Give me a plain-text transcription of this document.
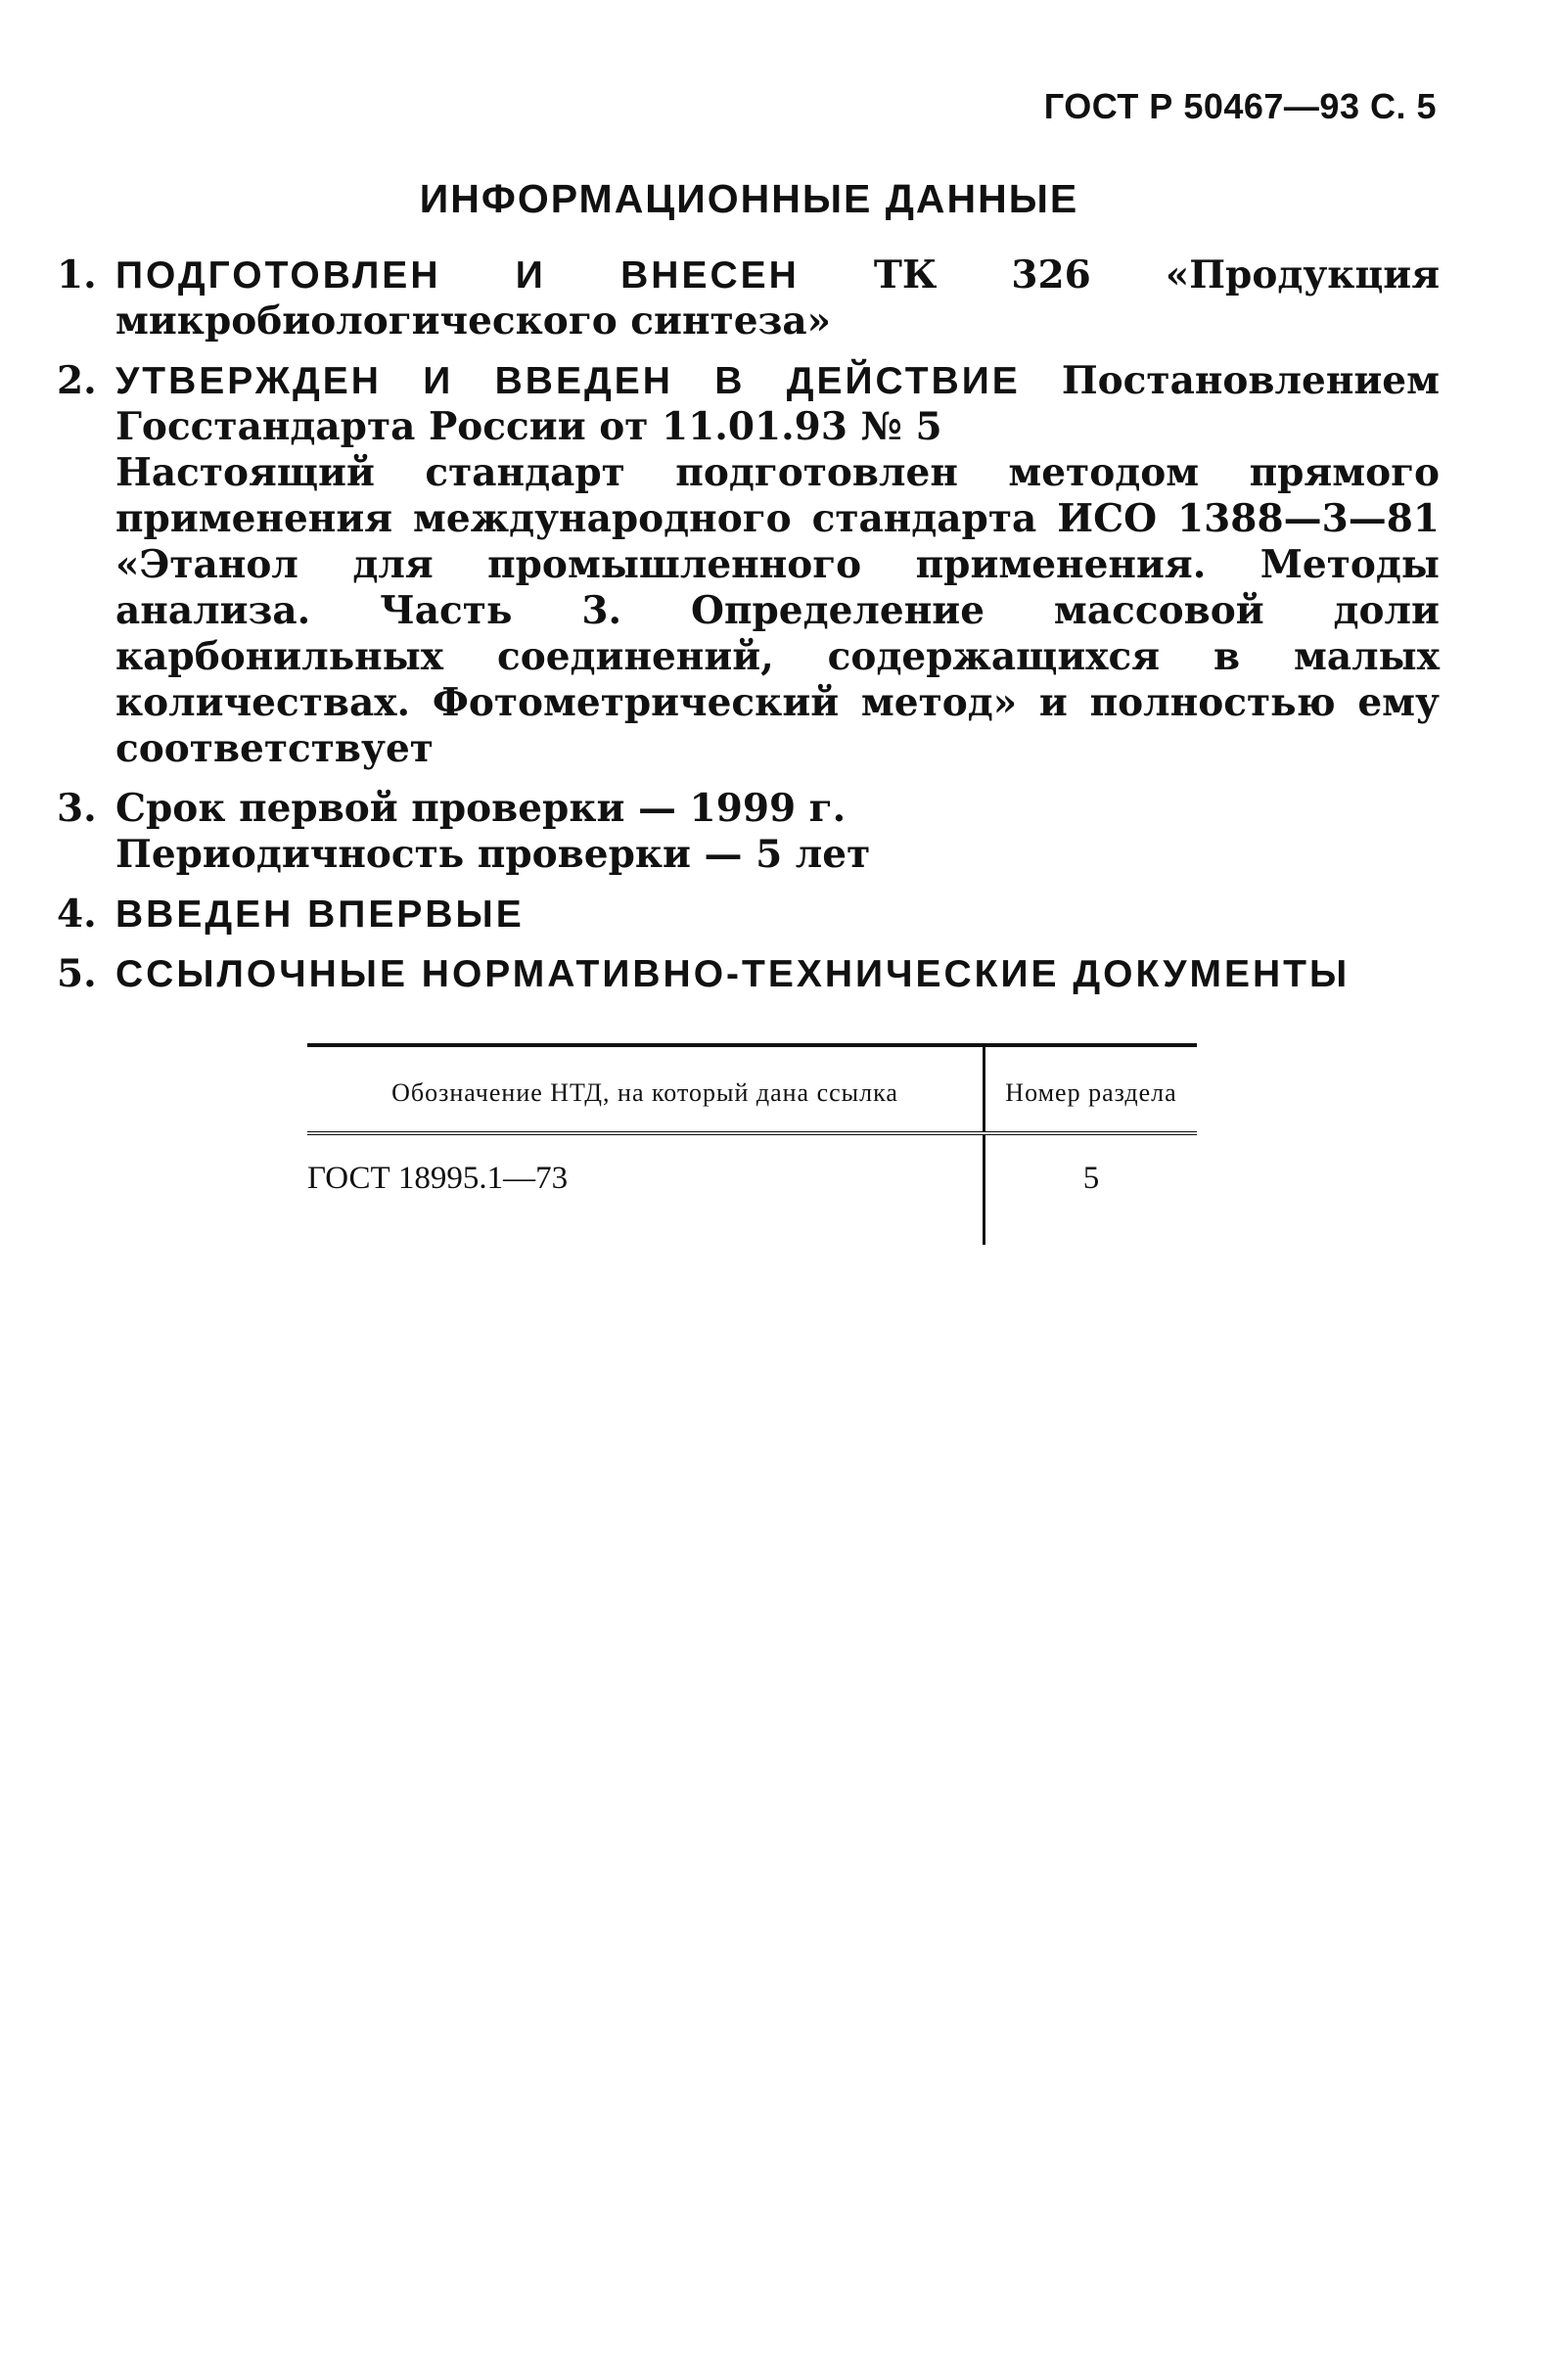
ГОСТ Р 50467—93 С. 5
ИНФОРМАЦИОННЫЕ ДАННЫЕ
1. ПОДГОТОВЛЕН И ВНЕСЕН ТК 326 «Продукция микробиологического синтеза»
2. УТВЕРЖДЕН И ВВЕДЕН В ДЕЙСТВИЕ Постановлением Госстандарта России от 11.01.93 № 5

Настоящий стандарт подготовлен методом прямого применения международного стандарта ИСО 1388—3—81 «Этанол для промышленного применения. Методы анализа. Часть 3. Определение массовой доли карбонильных соединений, содержащихся в малых количествах. Фотометрический метод» и полностью ему соответствует

3. Срок первой проверки — 1999 г.

Периодичность проверки — 5 лет

4. ВВЕДЕН ВПЕРВЫЕ
5. ССЫЛОЧНЫЕ НОРМАТИВНО-ТЕХНИЧЕСКИЕ ДОКУМЕНТЫ
Обозначение НТД, на который дана ссылка	Номер раздела
ГОСТ 18995.1—73	5
